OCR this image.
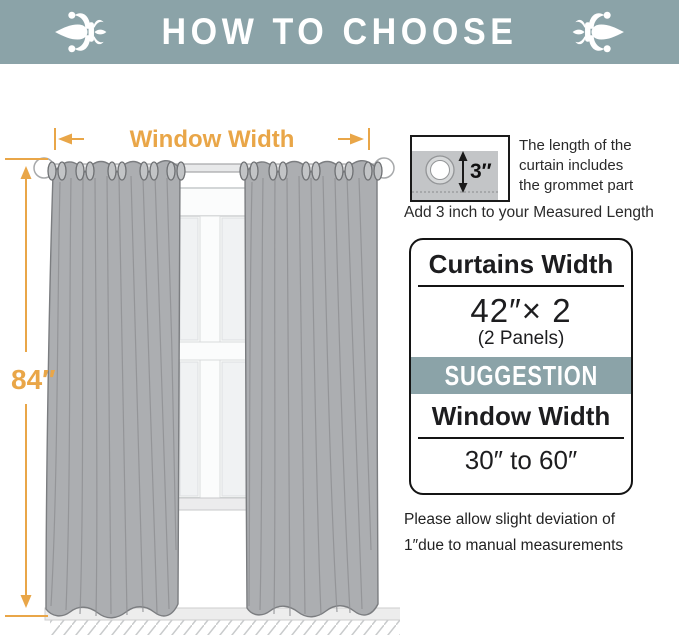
HOW TO CHOOSE
Window Width
84″
3″
The length of the
curtain includes
the grommet part
Add 3 inch to your Measured Length
Curtains Width
42″× 2
(2 Panels)
SUGGESTION
Window Width
30″ to 60″
Please allow slight deviation of
1″due to manual measurements
